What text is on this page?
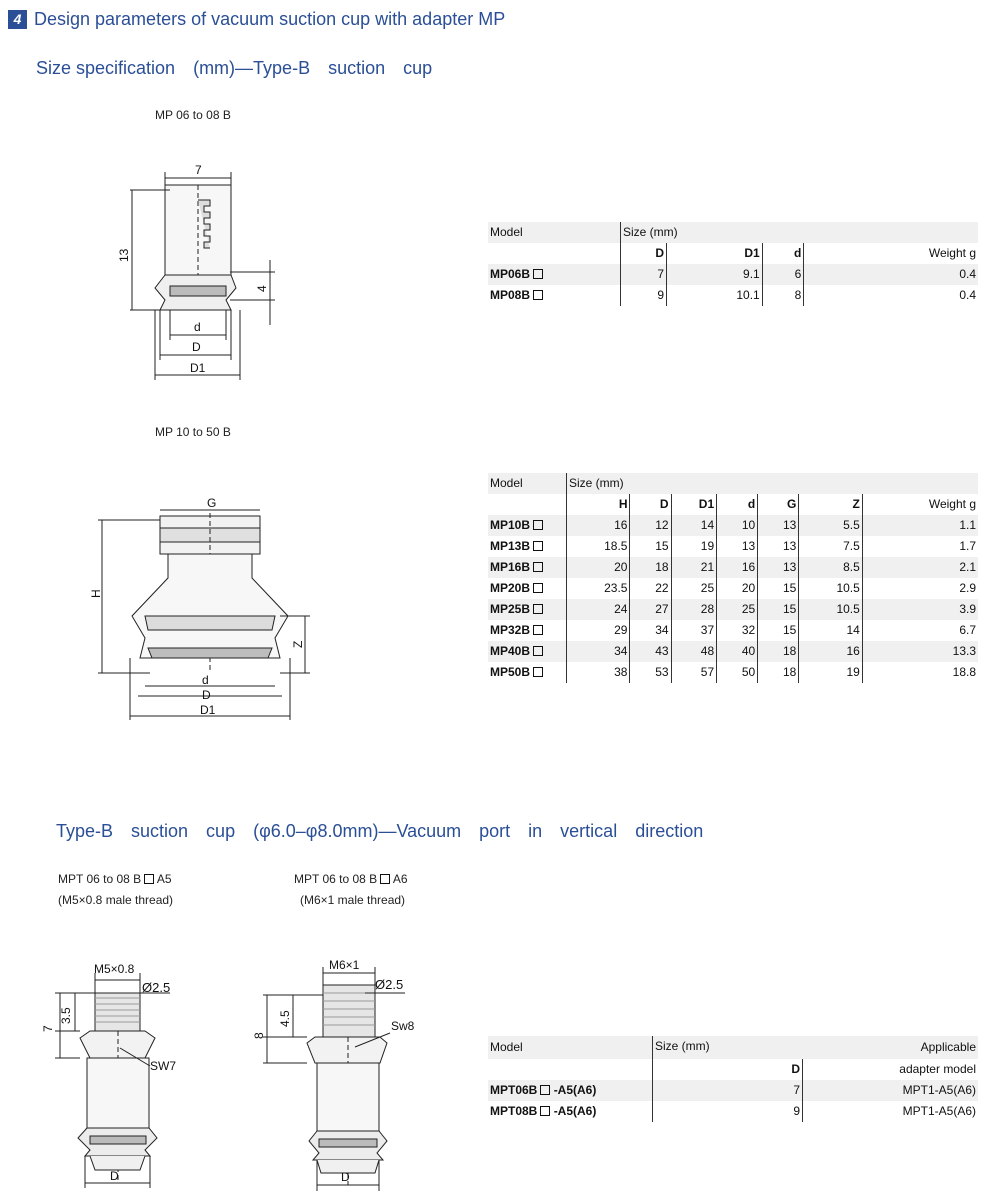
4 Design parameters of vacuum suction cup with adapter MP
Size specification　(mm)—Type-B　suction　cup
MP 06 to 08 B
MP 10 to 50 B
7
13
4
d
D
D1
G
H
Z
d
D
D1
Model	Size (mm)			
	D	D1	d	Weight g
MP06B	7	9.1	6	0.4
MP08B	9	10.1	8	0.4
Model	Size (mm)						
	H	D	D1	d	G	Z	Weight g
MP10B	16	12	14	10	13	5.5	1.1
MP13B	18.5	15	19	13	13	7.5	1.7
MP16B	20	18	21	16	13	8.5	2.1
MP20B	23.5	22	25	20	15	10.5	2.9
MP25B	24	27	28	25	15	10.5	3.9
MP32B	29	34	37	32	15	14	6.7
MP40B	34	43	48	40	18	16	13.3
MP50B	38	53	57	50	18	19	18.8
Type-B　suction　cup　(φ6.0–φ8.0mm)—Vacuum　port　in　vertical　direction
MPT 06 to 08 B A5
(M5×0.8 male thread)
MPT 06 to 08 B A6
(M6×1 male thread)
M5×0.8
Ø2.5
3.5
7
SW7
D
M6×1
Ø2.5
4.5
8
Sw8
D
Model	Size (mm)	Applicable
	D	adapter model
MPT06B -A5(A6)	7	MPT1-A5(A6)
MPT08B -A5(A6)	9	MPT1-A5(A6)
